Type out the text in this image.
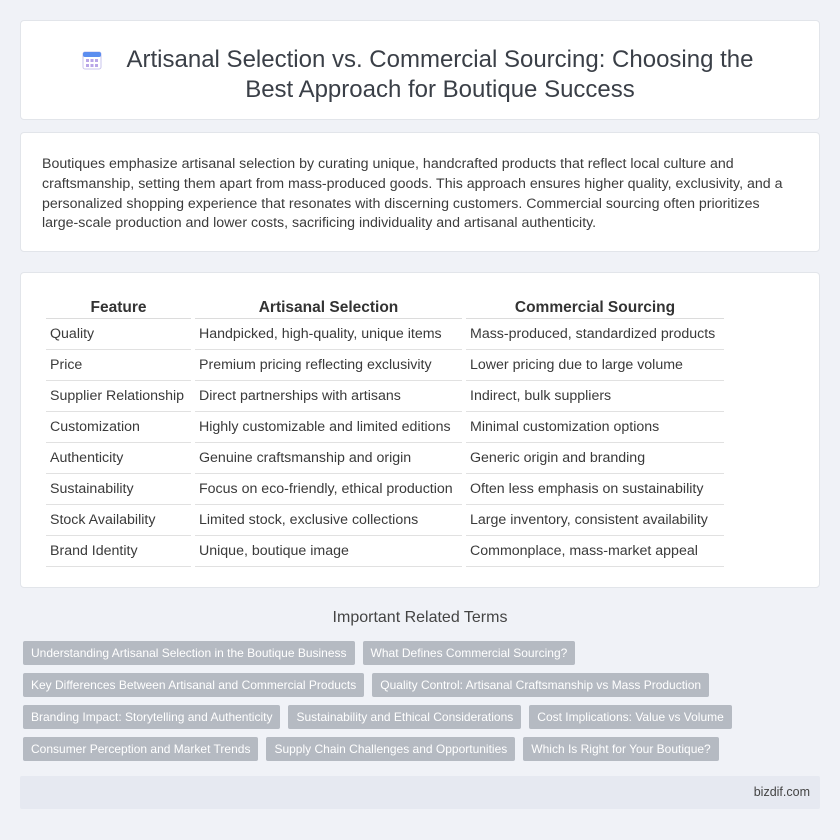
Artisanal Selection vs. Commercial Sourcing: Choosing the Best Approach for Boutique Success

Boutiques emphasize artisanal selection by curating unique, handcrafted products that reflect local culture and craftsmanship, setting them apart from mass-produced goods. This approach ensures higher quality, exclusivity, and a personalized shopping experience that resonates with discerning customers. Commercial sourcing often prioritizes large-scale production and lower costs, sacrificing individuality and artisanal authenticity.

Feature	Artisanal Selection	Commercial Sourcing
Quality	Handpicked, high-quality, unique items	Mass-produced, standardized products
Price	Premium pricing reflecting exclusivity	Lower pricing due to large volume
Supplier Relationship	Direct partnerships with artisans	Indirect, bulk suppliers
Customization	Highly customizable and limited editions	Minimal customization options
Authenticity	Genuine craftsmanship and origin	Generic origin and branding
Sustainability	Focus on eco-friendly, ethical production	Often less emphasis on sustainability
Stock Availability	Limited stock, exclusive collections	Large inventory, consistent availability
Brand Identity	Unique, boutique image	Commonplace, mass-market appeal
Important Related Terms
Understanding Artisanal Selection in the Boutique Business	What Defines Commercial Sourcing?
Key Differences Between Artisanal and Commercial Products	Quality Control: Artisanal Craftsmanship vs Mass Production
Branding Impact: Storytelling and Authenticity	Sustainability and Ethical Considerations	Cost Implications: Value vs Volume
Consumer Perception and Market Trends	Supply Chain Challenges and Opportunities	Which Is Right for Your Boutique?
bizdif.com
